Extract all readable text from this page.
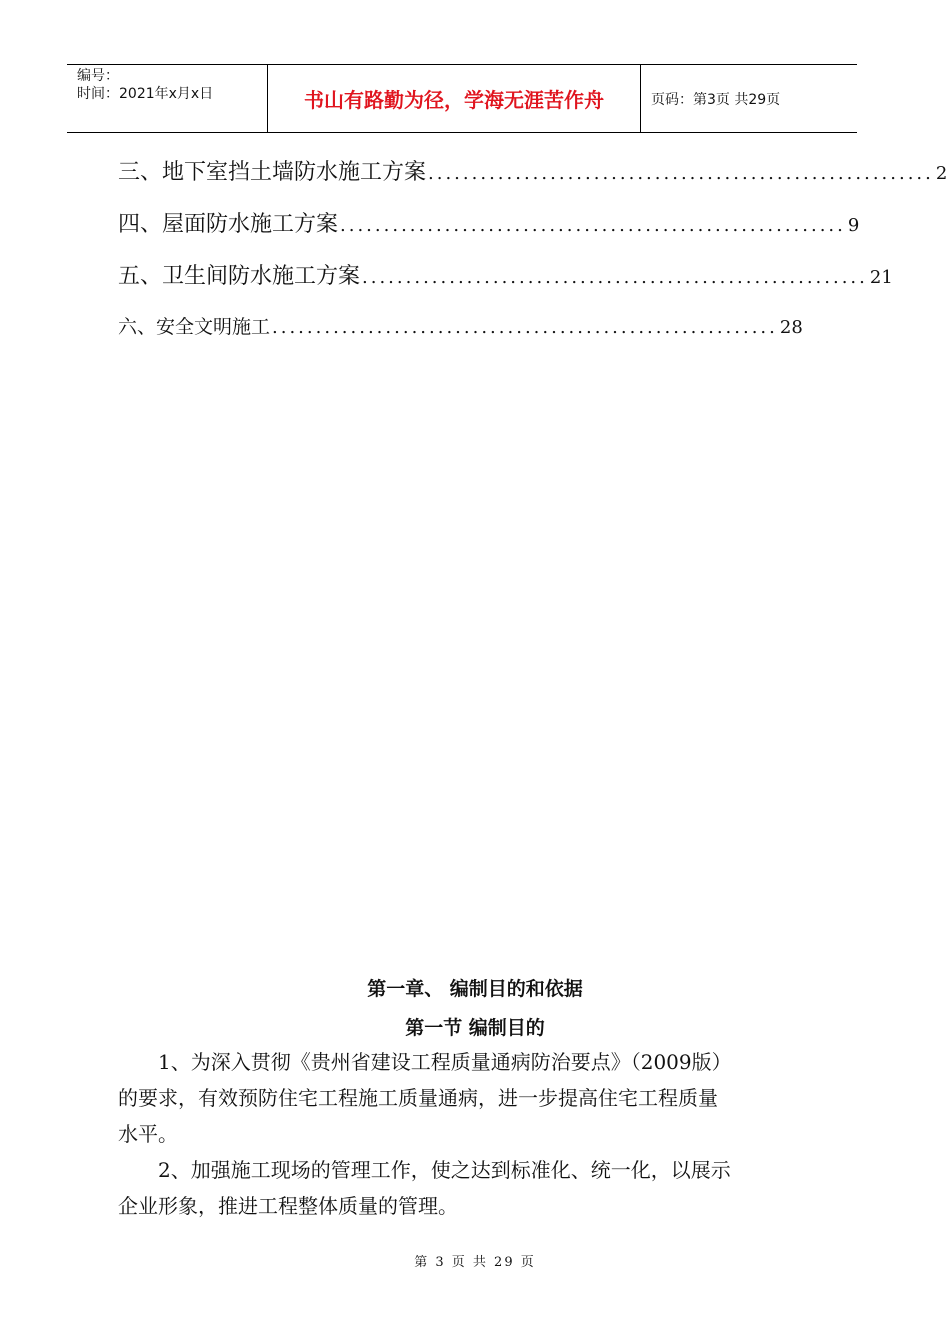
编号：
时间：2021年x月x日	书山有路勤为径，学海无涯苦作舟	页码：第3页 共29页
三、地下室挡土墙防水施工方案 .......................................................... 2
四、屋面防水施工方案 .......................................................... 9
五、卫生间防水施工方案 .......................................................... 21
六、安全文明施工 .......................................................... 28
第一章、 编制目的和依据
第一节 编制目的

　　1、为深入贯彻《贵州省建设工程质量通病防治要点》（2009版）

的要求，有效预防住宅工程施工质量通病，进一步提高住宅工程质量

水平。

　　2、加强施工现场的管理工作，使之达到标准化、统一化，以展示

企业形象，推进工程整体质量的管理。

第 3 页 共 29 页
